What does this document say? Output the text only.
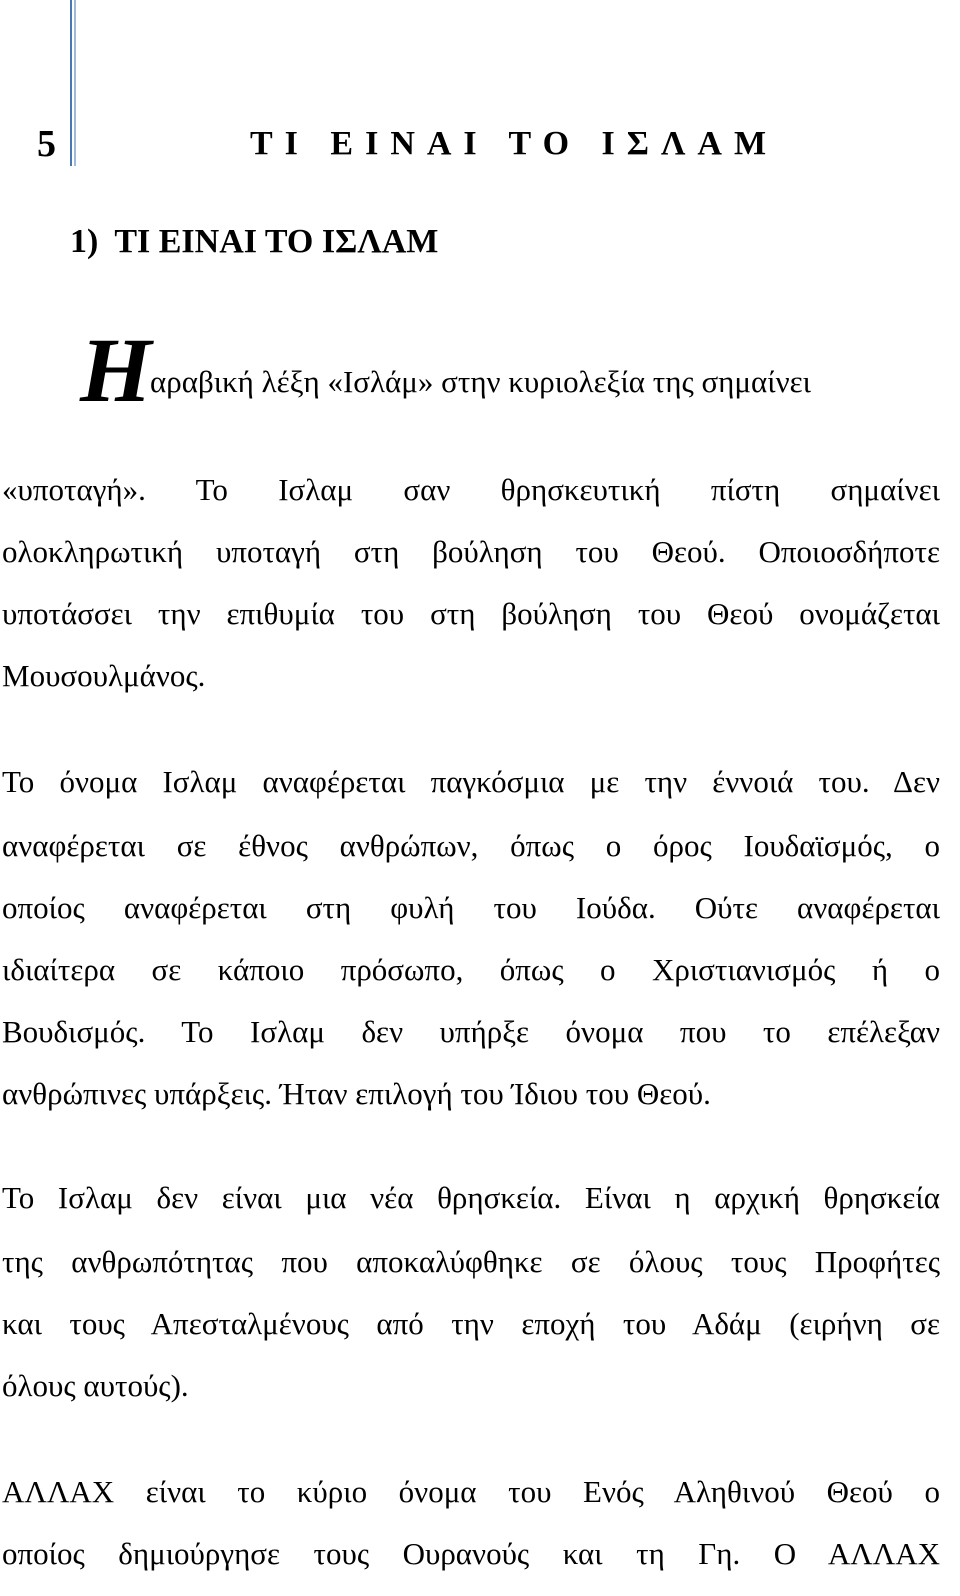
5	ΤΙ ΕΙΝΑΙ ΤΟ ΙΣΛΑΜ
1) ΤΙ ΕΙΝΑΙ ΤΟ ΙΣΛΑΜ
Η
αραβική λέξη «Ισλάμ» στην κυριολεξία της σημαίνει
«υποταγή». Το Ισλαμ σαν θρησκευτική πίστη σημαίνει
ολοκληρωτική υποταγή στη βούληση του Θεού. Οποιοσδήποτε
υποτάσσει την επιθυμία του στη βούληση του Θεού ονομάζεται
Μουσουλμάνος.
Το όνομα Ισλαμ αναφέρεται παγκόσμια με την έννοιά του. Δεν
αναφέρεται σε έθνος ανθρώπων, όπως ο όρος Ιουδαϊσμός, ο
οποίος αναφέρεται στη φυλή του Ιούδα. Ούτε αναφέρεται
ιδιαίτερα σε κάποιο πρόσωπο, όπως ο Χριστιανισμός ή ο
Βουδισμός. Το Ισλαμ δεν υπήρξε όνομα που το επέλεξαν
ανθρώπινες υπάρξεις. Ήταν επιλογή του Ίδιου του Θεού.
Το Ισλαμ δεν είναι μια νέα θρησκεία. Είναι η αρχική θρησκεία
της ανθρωπότητας που αποκαλύφθηκε σε όλους τους Προφήτες
και τους Απεσταλμένους από την εποχή του Αδάμ (ειρήνη σε
όλους αυτούς).
ΑΛΛΑΧ είναι το κύριο όνομα του Ενός Αληθινού Θεού ο
οποίος δημιούργησε τους Ουρανούς και τη Γη. Ο ΑΛΛΑΧ
